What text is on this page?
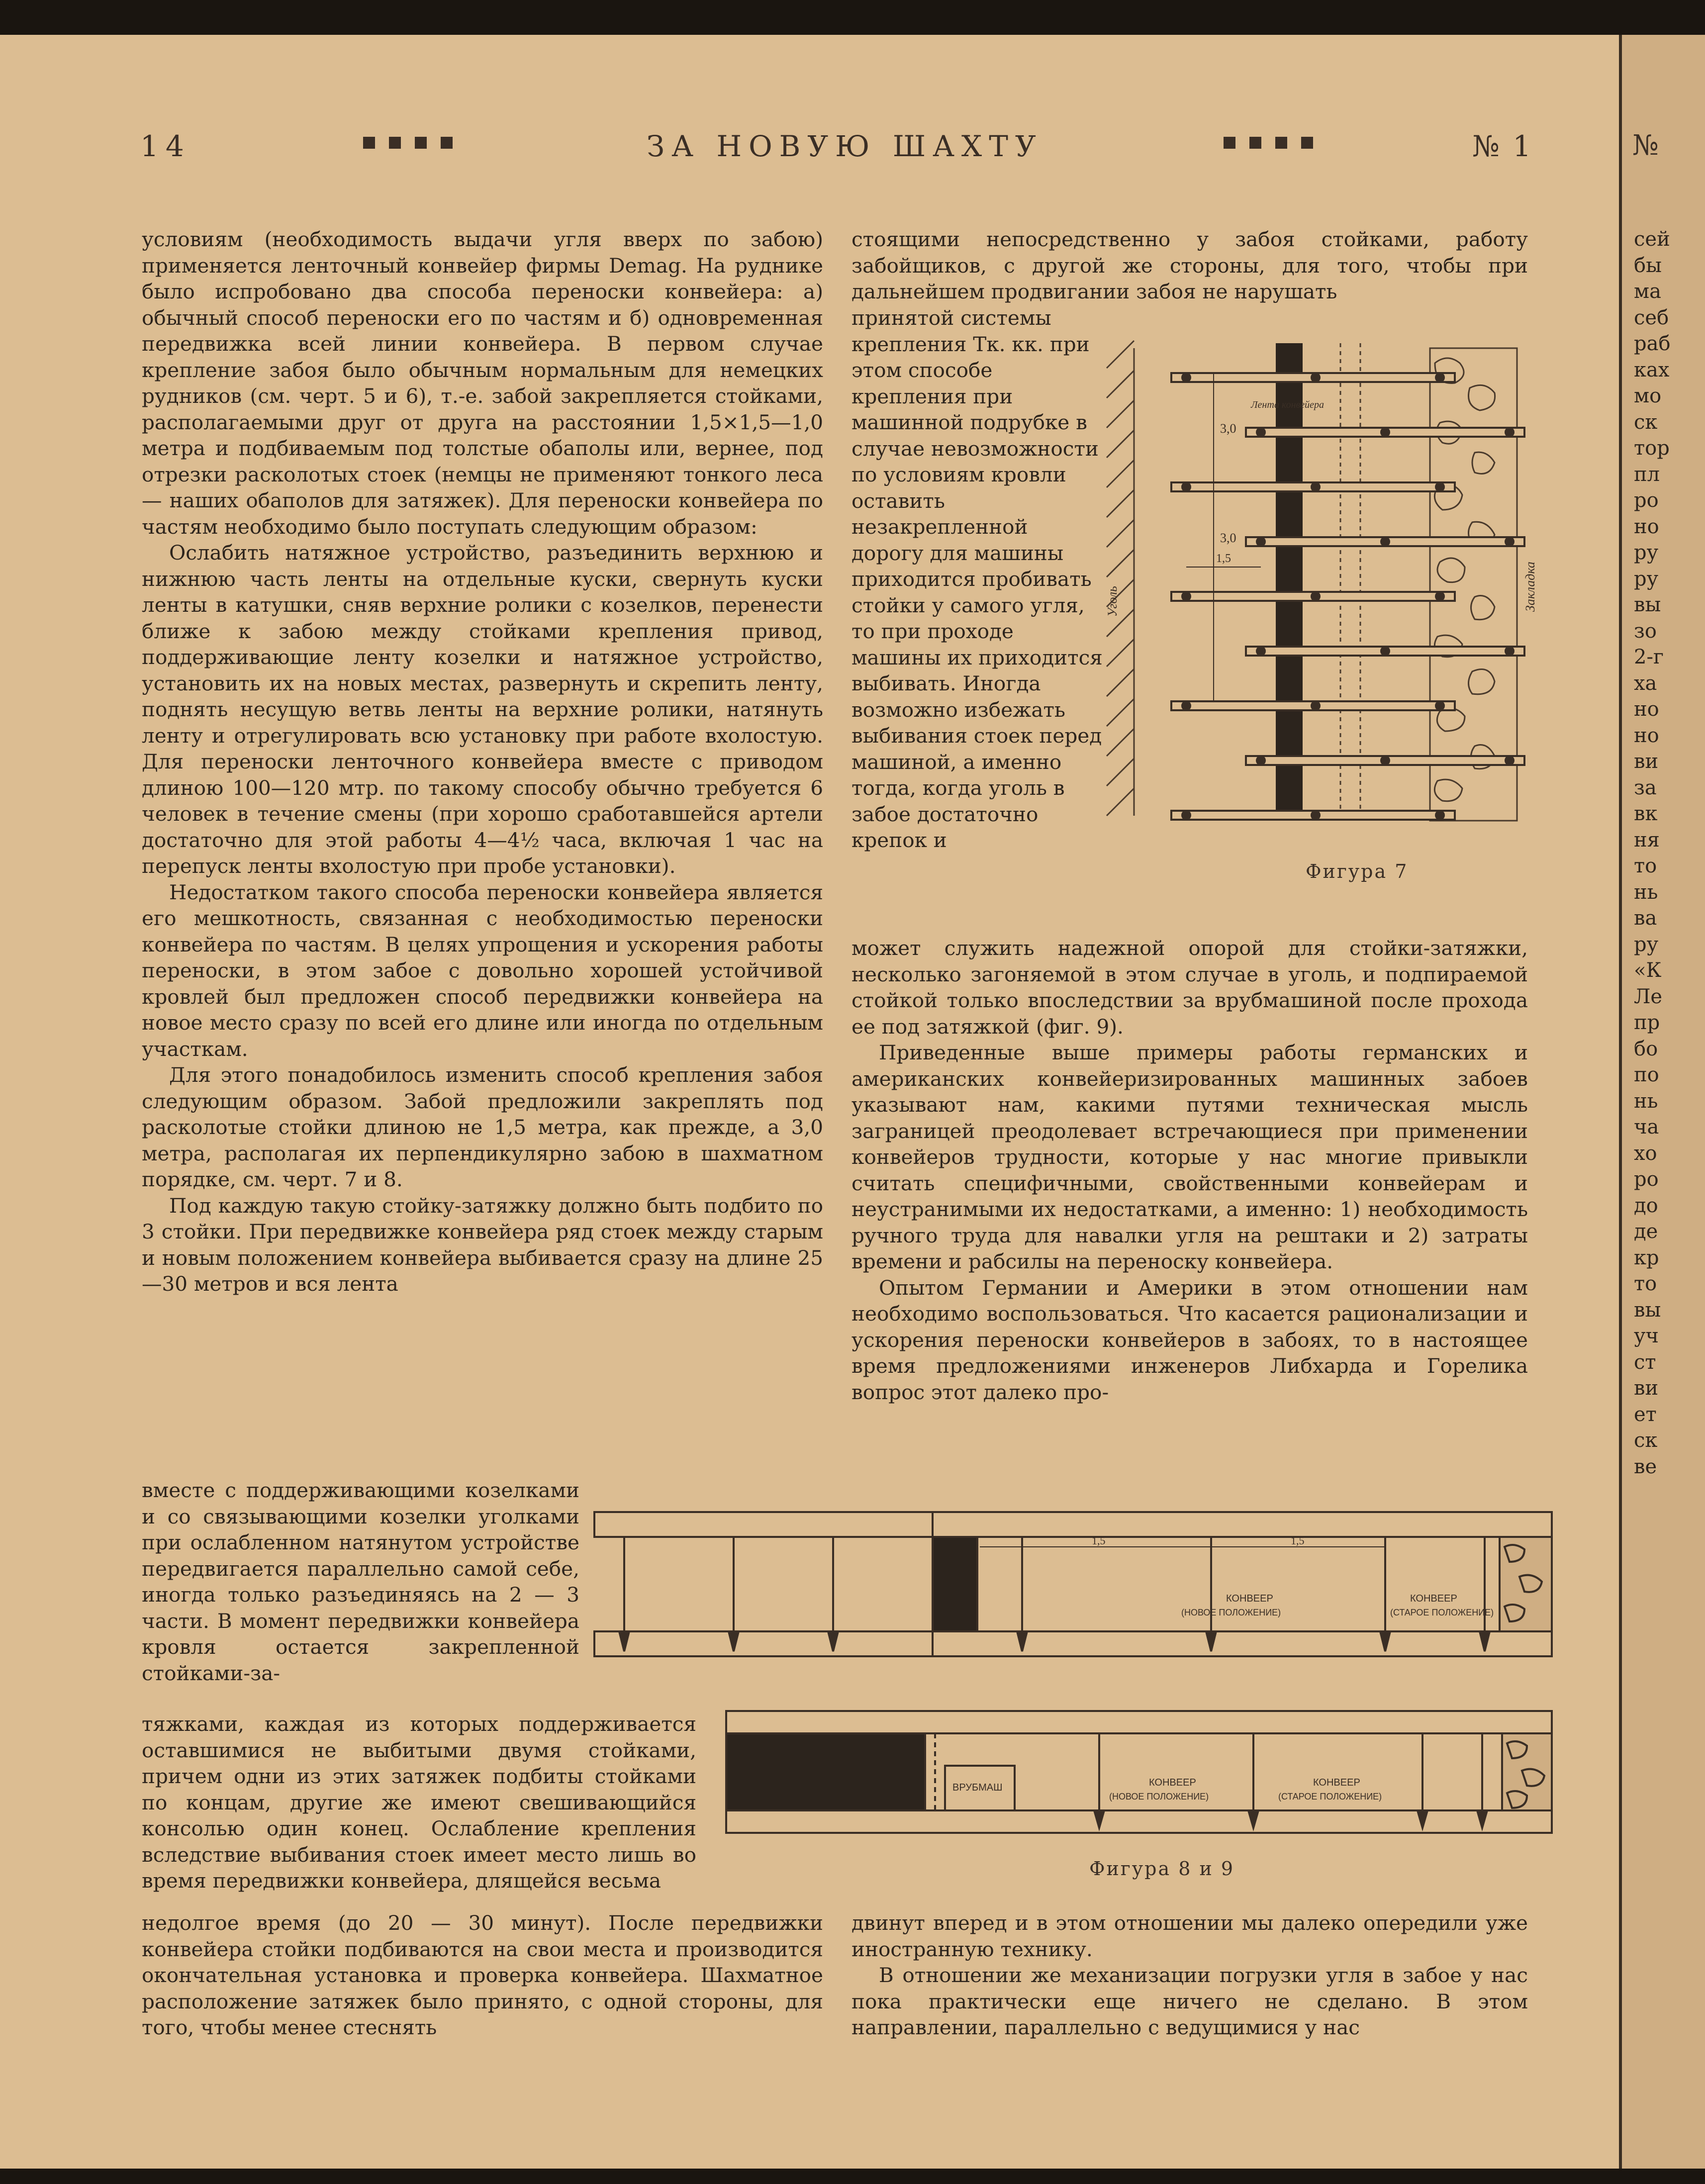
14	ЗА НОВУЮ ШАХТУ	№ 1

условиям (необходимость выдачи угля вверх по забою) применяется ленточный конвейер фирмы Demag. На руднике было испробовано два способа переноски конвейера: а) обычный способ переноски его по частям и б) одновременная передвижка всей линии конвейера. В первом случае крепление забоя было обычным нормальным для немецких рудников (см. черт. 5 и 6), т.-е. забой закрепляется стойками, располагаемыми друг от друга на расстоянии 1,5×1,5—1,0 метра и подбиваемым под толстые обаполы или, вернее, под отрезки расколотых стоек (немцы не применяют тонкого леса — наших обаполов для затяжек). Для переноски конвейера по частям необходимо было поступать следующим образом:

Ослабить натяжное устройство, разъединить верхнюю и нижнюю часть ленты на отдельные куски, свернуть куски ленты в катушки, сняв верхние ролики с козелков, перенести ближе к забою между стойками крепления привод, поддерживающие ленту козелки и натяжное устройство, установить их на новых местах, развернуть и скрепить ленту, поднять несущую ветвь ленты на верхние ролики, натянуть ленту и отрегулировать всю установку при работе вхолостую. Для переноски ленточного конвейера вместе с приводом длиною 100—120 мтр. по такому способу обычно требуется 6 человек в течение смены (при хорошо сработавшейся артели достаточно для этой работы 4—4½ часа, включая 1 час на перепуск ленты вхолостую при пробе установки).

Недостатком такого способа переноски конвейера является его мешкотность, связанная с необходимостью переноски конвейера по частям. В целях упрощения и ускорения работы переноски, в этом забое с довольно хорошей устойчивой кровлей был предложен способ передвижки конвейера на новое место сразу по всей его длине или иногда по отдельным участкам.

Для этого понадобилось изменить способ крепления забоя следующим образом. Забой предложили закреплять под расколотые стойки длиною не 1,5 метра, как прежде, а 3,0 метра, располагая их перпендикулярно забою в шахматном порядке, см. черт. 7 и 8.

Под каждую такую стойку-затяжку должно быть подбито по 3 стойки. При передвижке конвейера ряд стоек между старым и новым положением конвейера выбивается сразу на длине 25—30 метров и вся лента

вместе с поддерживающими козелками и со связывающими козелки уголками при ослабленном натянутом устройстве передвигается параллельно самой себе, иногда только разъединяясь на 2 — 3 части. В момент передвижки конвейера кровля остается закрепленной стойками-за-

тяжками, каждая из которых поддерживается оставшимися не выбитыми двумя стойками, причем одни из этих затяжек подбиты стойками по концам, другие же имеют свешивающийся консолью один конец. Ослабление крепления вследствие выбивания стоек имеет место лишь во время передвижки конвейера, длящейся весьма

недолгое время (до 20 — 30 минут). После передвижки конвейера стойки подбиваются на свои места и производится окончательная установка и проверка конвейера. Шахматное расположение затяжек было принято, с одной стороны, для того, чтобы менее стеснять

стоящими непосредственно у забоя стойками, работу забойщиков, с другой же стороны, для того, чтобы при дальнейшем продвигании забоя не нарушать

принятой системы крепления Тк. кк. при этом способе крепления при машинной подрубке в случае невозможности по условиям кровли оставить незакрепленной дорогу для машины приходится пробивать стойки у самого угля, то при проходе машины их приходится выбивать. Иногда возможно избежать выбивания стоек перед машиной, а именно тогда, когда уголь в забое достаточно крепок и

может служить надежной опорой для стойки-затяжки, несколько загоняемой в этом случае в уголь, и подпираемой стойкой только впоследствии за врубмашиной после прохода ее под затяжкой (фиг. 9).

Приведенные выше примеры работы германских и американских конвейеризированных машинных забоев указывают нам, какими путями техническая мысль заграницей преодолевает встречающиеся при применении конвейеров трудности, которые у нас многие привыкли считать специфичными, свойственными конвейерам и неустранимыми их недостатками, а именно: 1) необходимость ручного труда для навалки угля на рештаки и 2) затраты времени и рабсилы на переноску конвейера.

Опытом Германии и Америки в этом отношении нам необходимо воспользоваться. Что касается рационализации и ускорения переноски конвейеров в забоях, то в настоящее время предложениями инженеров Либхарда и Горелика вопрос этот далеко про-

двинут вперед и в этом отношении мы далеко опередили уже иностранную технику.

В отношении же механизации погрузки угля в забое у нас пока практически еще ничего не сделано. В этом направлении, параллельно с ведущимися у нас

3,0
3,0
1,5
Лента конвейера
Уголь	Закладка
Фигура 7
1,5	1,5
КОНВЕЕР
(НОВОЕ ПОЛОЖЕНИЕ)
КОНВЕЕР
(СТАРОЕ ПОЛОЖЕНИЕ)
ВРУБМАШ	КОНВЕЕР
(НОВОЕ ПОЛОЖЕНИЕ)
КОНВЕЕР
(СТАРОЕ ПОЛОЖЕНИЕ)
Фигура 8 и 9
№
сей
бы
ма
себ
раб
ках
мо
ск
тор
пл
ро
но
ру
ру
вы
зо
2-г
ха
но
но
ви
за
вк
ня
то
нь
ва
ру
«К
Ле
пр
бо
по
нь
ча
хо
ро
до
де
кр
то
вы
уч
ст
ви
ет
ск
ве
